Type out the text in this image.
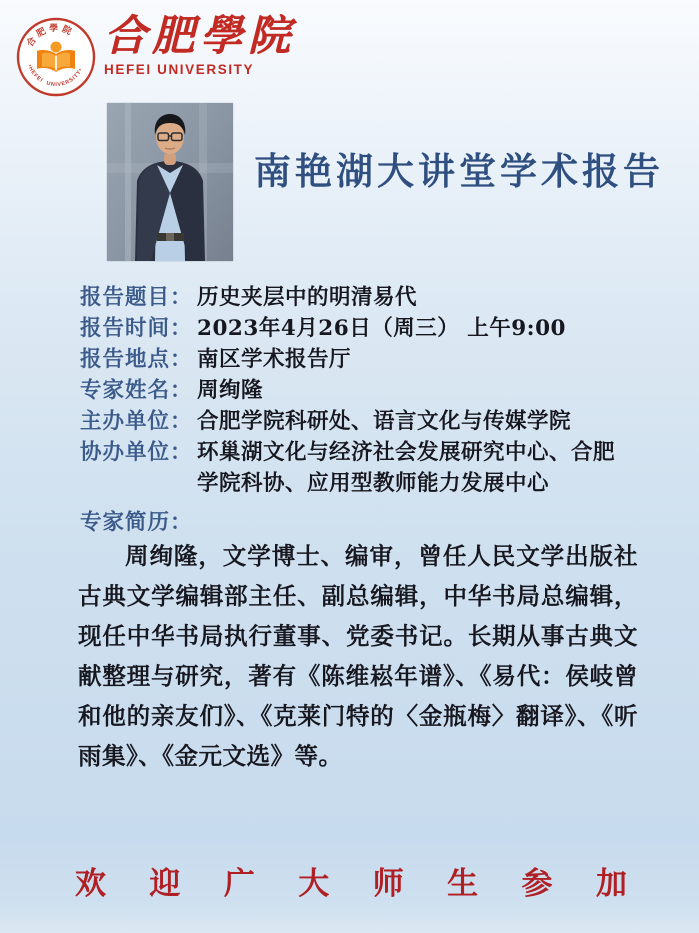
合肥學院
•HEFEI  UNIVERSITY•
合肥學院
HEFEI UNIVERSITY
南艳湖大讲堂学术报告
报告题目： 历史夹层中的明清易代
报告时间： 2023年4月26日（周三） 上午9:00
报告地点： 南区学术报告厅
专家姓名： 周绚隆
主办单位： 合肥学院科研处、语言文化与传媒学院
协办单位： 环巢湖文化与经济社会发展研究中心、合肥学院科协、应用型教师能力发展中心
专家简历：
周绚隆，文学博士、编审，曾任人民文学出版社古典文学编辑部主任、副总编辑，中华书局总编辑，现任中华书局执行董事、党委书记。长期从事古典文献整理与研究，著有《陈维崧年谱》、《易代：侯岐曾和他的亲友们》、《克莱门特的〈金瓶梅〉翻译》、《听雨集》、《金元文选》等。
欢 迎 广 大 师 生 参 加
